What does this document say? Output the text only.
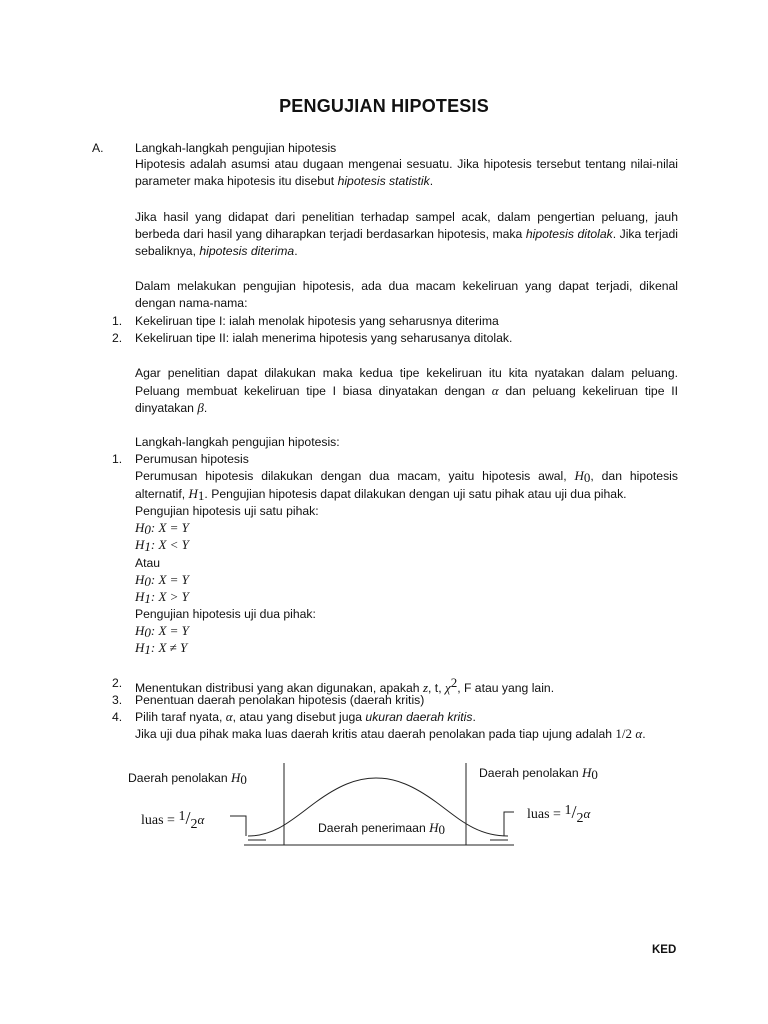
PENGUJIAN HIPOTESIS
A.	Langkah-langkah pengujian hipotesis
Hipotesis adalah asumsi atau dugaan mengenai sesuatu. Jika hipotesis tersebut tentang nilai-nilai
parameter maka hipotesis itu disebut hipotesis statistik.
Jika hasil yang didapat dari penelitian terhadap sampel acak, dalam pengertian peluang, jauh
berbeda dari hasil yang diharapkan terjadi berdasarkan hipotesis, maka hipotesis ditolak. Jika terjadi
sebaliknya, hipotesis diterima.
Dalam melakukan pengujian hipotesis, ada dua macam kekeliruan yang dapat terjadi, dikenal
dengan nama-nama:
1. Kekeliruan tipe I: ialah menolak hipotesis yang seharusnya diterima
2. Kekeliruan tipe II: ialah menerima hipotesis yang seharusanya ditolak.
Agar penelitian dapat dilakukan maka kedua tipe kekeliruan itu kita nyatakan dalam peluang.
Peluang membuat kekeliruan tipe I biasa dinyatakan dengan α dan peluang kekeliruan tipe II
dinyatakan β.
Langkah-langkah pengujian hipotesis:
1. Perumusan hipotesis
Perumusan hipotesis dilakukan dengan dua macam, yaitu hipotesis awal, $H_0$, dan hipotesis
alternatif, $H_1$. Pengujian hipotesis dapat dilakukan dengan uji satu pihak atau uji dua pihak.
Pengujian hipotesis uji satu pihak:
$H_0$: X = Y
$H_1$: X < Y
Atau
$H_0$: X = Y
$H_1$: X > Y
Pengujian hipotesis uji dua pihak:
$H_0$: X = Y
$H_1$: X ≠ Y
2. Menentukan distribusi yang akan digunakan, apakah z, t, $\chi^2$, F atau yang lain.
3. Penentuan daerah penolakan hipotesis (daerah kritis)
4. Pilih taraf nyata, α, atau yang disebut juga ukuran daerah kritis.
Jika uji dua pihak maka luas daerah kritis atau daerah penolakan pada tiap ujung adalah 1/2 α.
Daerah penolakan $H_0$	Daerah penolakan $H_0$
Daerah penerimaan $H_0$
luas = 1/2α	luas = 1/2α
KED
